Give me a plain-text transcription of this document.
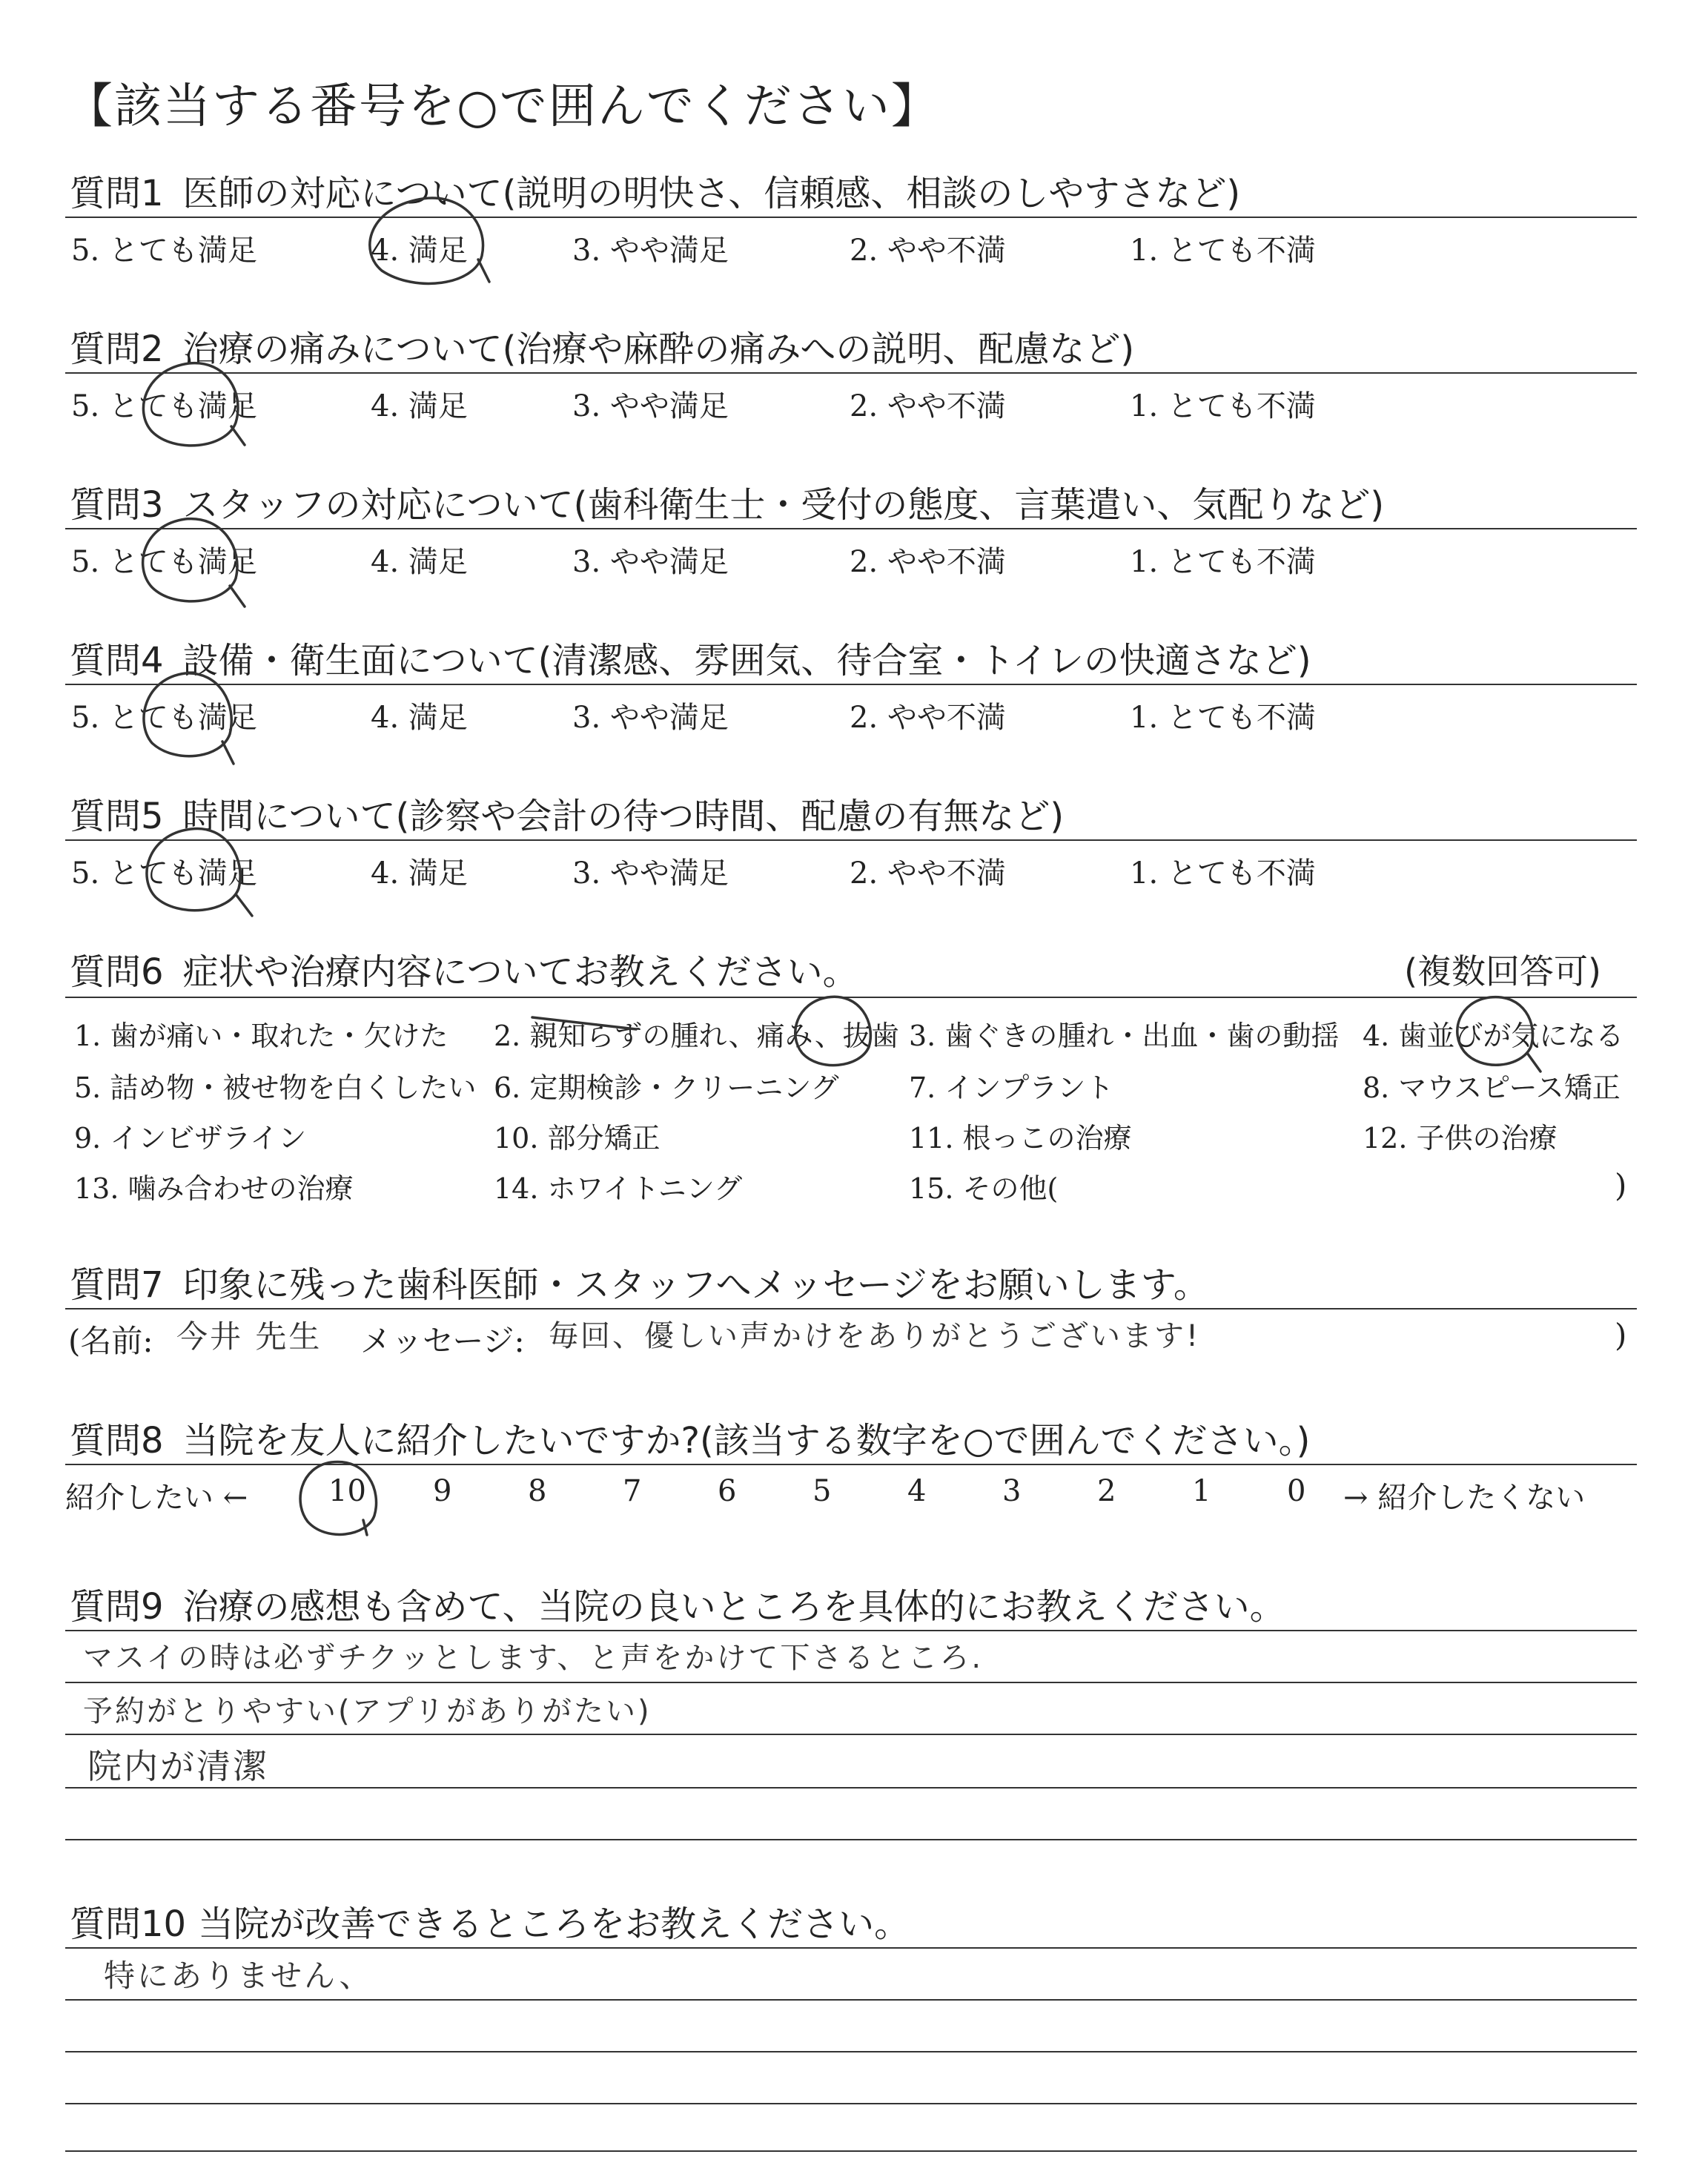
【該当する番号を○で囲んでください】
質問1 医師の対応について(説明の明快さ、信頼感、相談のしやすさなど)
5. とても満足	4. 満足	3. やや満足	2. やや不満	1. とても不満
質問2 治療の痛みについて(治療や麻酔の痛みへの説明、配慮など)
5. とても満足	4. 満足	3. やや満足	2. やや不満	1. とても不満
質問3 スタッフの対応について(歯科衛生士・受付の態度、言葉遣い、気配りなど)
5. とても満足	4. 満足	3. やや満足	2. やや不満	1. とても不満
質問4 設備・衛生面について(清潔感、雰囲気、待合室・トイレの快適さなど)
5. とても満足	4. 満足	3. やや満足	2. やや不満	1. とても不満
質問5 時間について(診察や会計の待つ時間、配慮の有無など)
5. とても満足	4. 満足	3. やや満足	2. やや不満	1. とても不満
質問6 症状や治療内容についてお教えください。	(複数回答可)
1. 歯が痛い・取れた・欠けた 2. 親知らずの腫れ、痛み、抜歯 3. 歯ぐきの腫れ・出血・歯の動揺 4. 歯並びが気になる
5. 詰め物・被せ物を白くしたい 6. 定期検診・クリーニング 7. インプラント	8. マウスピース矯正
9. インビザライン	10. 部分矯正	11. 根っこの治療	12. 子供の治療
13. 噛み合わせの治療	14. ホワイトニング	15. その他(	)
質問7 印象に残った歯科医師・スタッフへメッセージをお願いします。
(名前: 今井 先生 メッセージ: 毎回、優しい声かけをありがとうございます!	)
質問8 当院を友人に紹介したいですか?(該当する数字を○で囲んでください。)
紹介したい ←	10 9	8	7	6	5	4	3	2	1	0 → 紹介したくない
質問9 治療の感想も含めて、当院の良いところを具体的にお教えください。
マスイの時は必ずチクッとします、と声をかけて下さるところ.
予約がとりやすい(アプリがありがたい)
院内が清潔
質問10 当院が改善できるところをお教えください。
特にありません、
